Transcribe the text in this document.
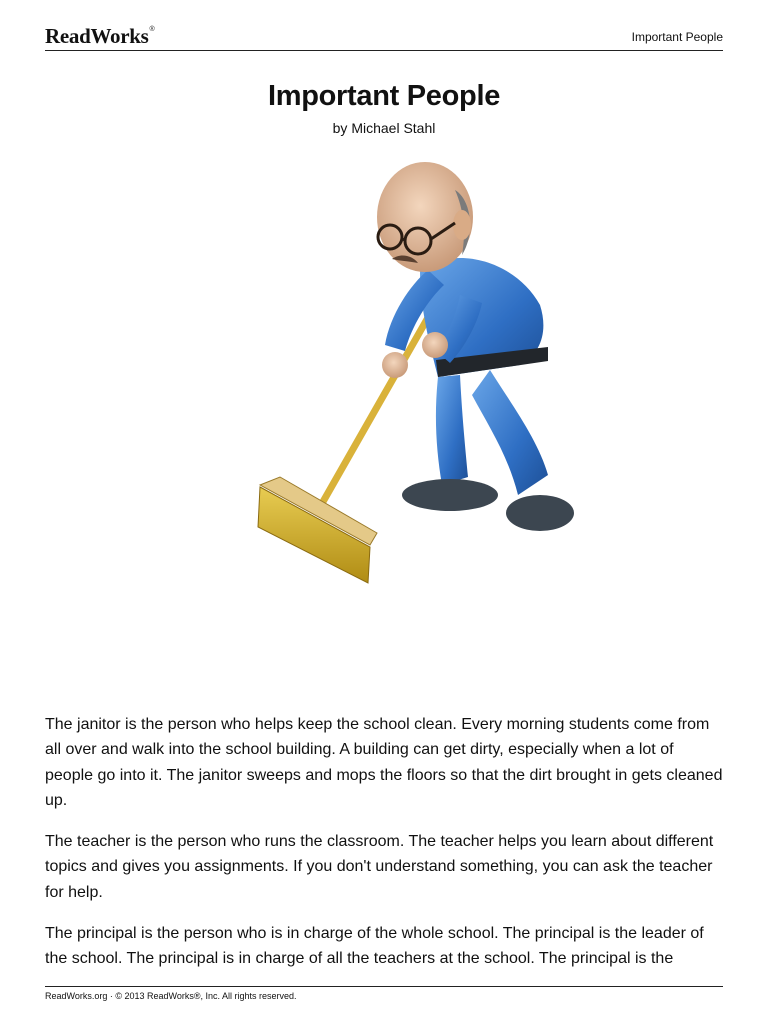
ReadWorks®
Important People
Important People
by Michael Stahl

The janitor is the person who helps keep the school clean. Every morning students come from all over and walk into the school building. A building can get dirty, especially when a lot of people go into it. The janitor sweeps and mops the floors so that the dirt brought in gets cleaned up.

The teacher is the person who runs the classroom. The teacher helps you learn about different topics and gives you assignments. If you don't understand something, you can ask the teacher for help.

The principal is the person who is in charge of the whole school. The principal is the leader of the school. The principal is in charge of all the teachers at the school. The principal is the

ReadWorks.org · © 2013 ReadWorks®, Inc. All rights reserved.
